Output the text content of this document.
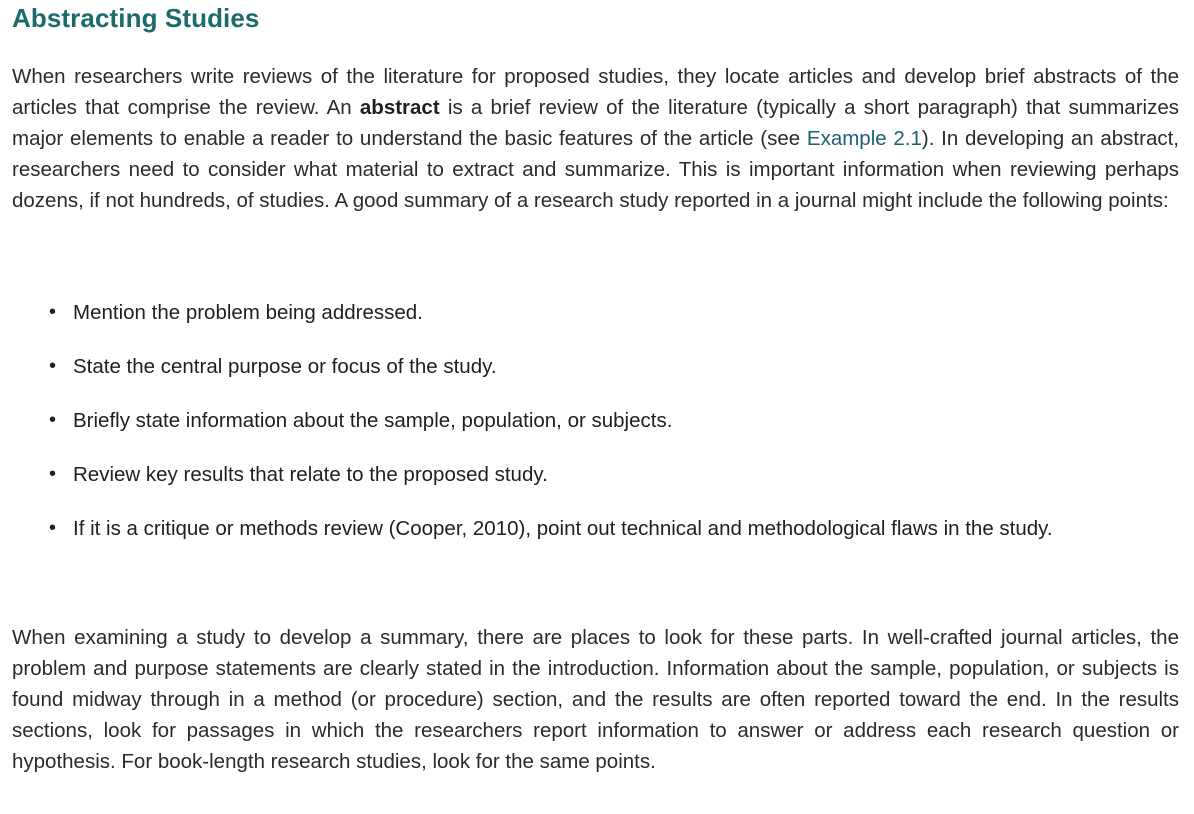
Abstracting Studies

When researchers write reviews of the literature for proposed studies, they locate articles and develop brief abstracts of the articles that comprise the review. An abstract is a brief review of the literature (typically a short paragraph) that summarizes major elements to enable a reader to understand the basic features of the article (see Example 2.1). In developing an abstract, researchers need to consider what material to extract and summarize. This is important information when reviewing perhaps dozens, if not hundreds, of studies. A good summary of a research study reported in a journal might include the following points:

• Mention the problem being addressed.
• State the central purpose or focus of the study.
• Briefly state information about the sample, population, or subjects.
• Review key results that relate to the proposed study.
• If it is a critique or methods review (Cooper, 2010), point out technical and methodological flaws in the study.

When examining a study to develop a summary, there are places to look for these parts. In well-crafted journal articles, the problem and purpose statements are clearly stated in the introduction. Information about the sample, population, or subjects is found midway through in a method (or procedure) section, and the results are often reported toward the end. In the results sections, look for passages in which the researchers report information to answer or address each research question or hypothesis. For book-length research studies, look for the same points.
